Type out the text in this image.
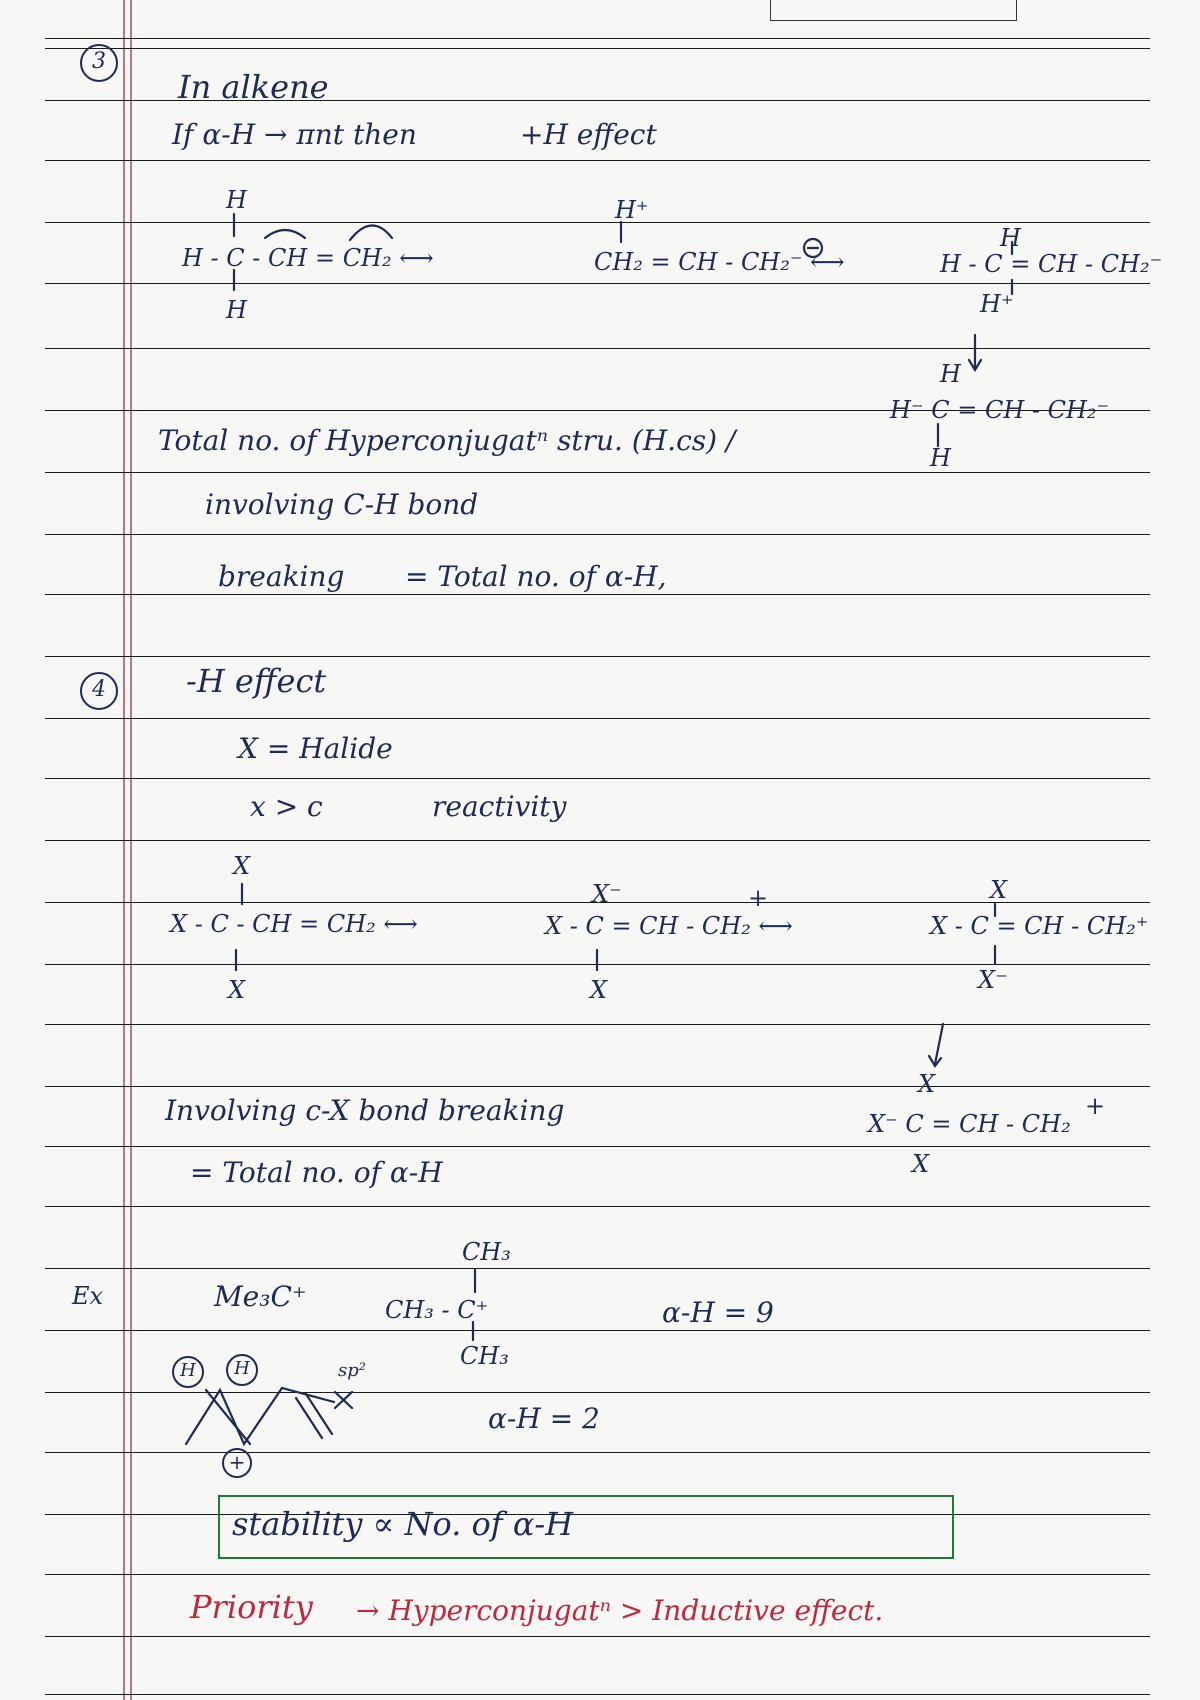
3
In alkene
If α-H → πnt then	+H effect
H
H - C - CH = CH₂ ⟷
H
H⁺
CH₂ = CH - CH₂⁻ ⟷
H
H - C = CH - CH₂⁻
H⁺
H
H⁻ C = CH - CH₂⁻
H
Total no. of Hyperconjugatⁿ stru. (H.cs) /
involving C-H bond
breaking = Total no. of α-H,
4	-H effect
X = Halide
x > c	reactivity
X
X - C - CH = CH₂ ⟷
X
X⁻	+
X - C = CH - CH₂ ⟷
X
X
X - C = CH - CH₂⁺
X⁻
X
X⁻ C = CH - CH₂
+
X
Involving c-X bond breaking
= Total no. of α-H
Ex	Me₃C⁺
CH₃
CH₃ - C⁺
CH₃
α-H = 9
H	H
+
sp²
α-H = 2
stability ∝ No. of α-H
Priority → Hyperconjugatⁿ > Inductive effect.
